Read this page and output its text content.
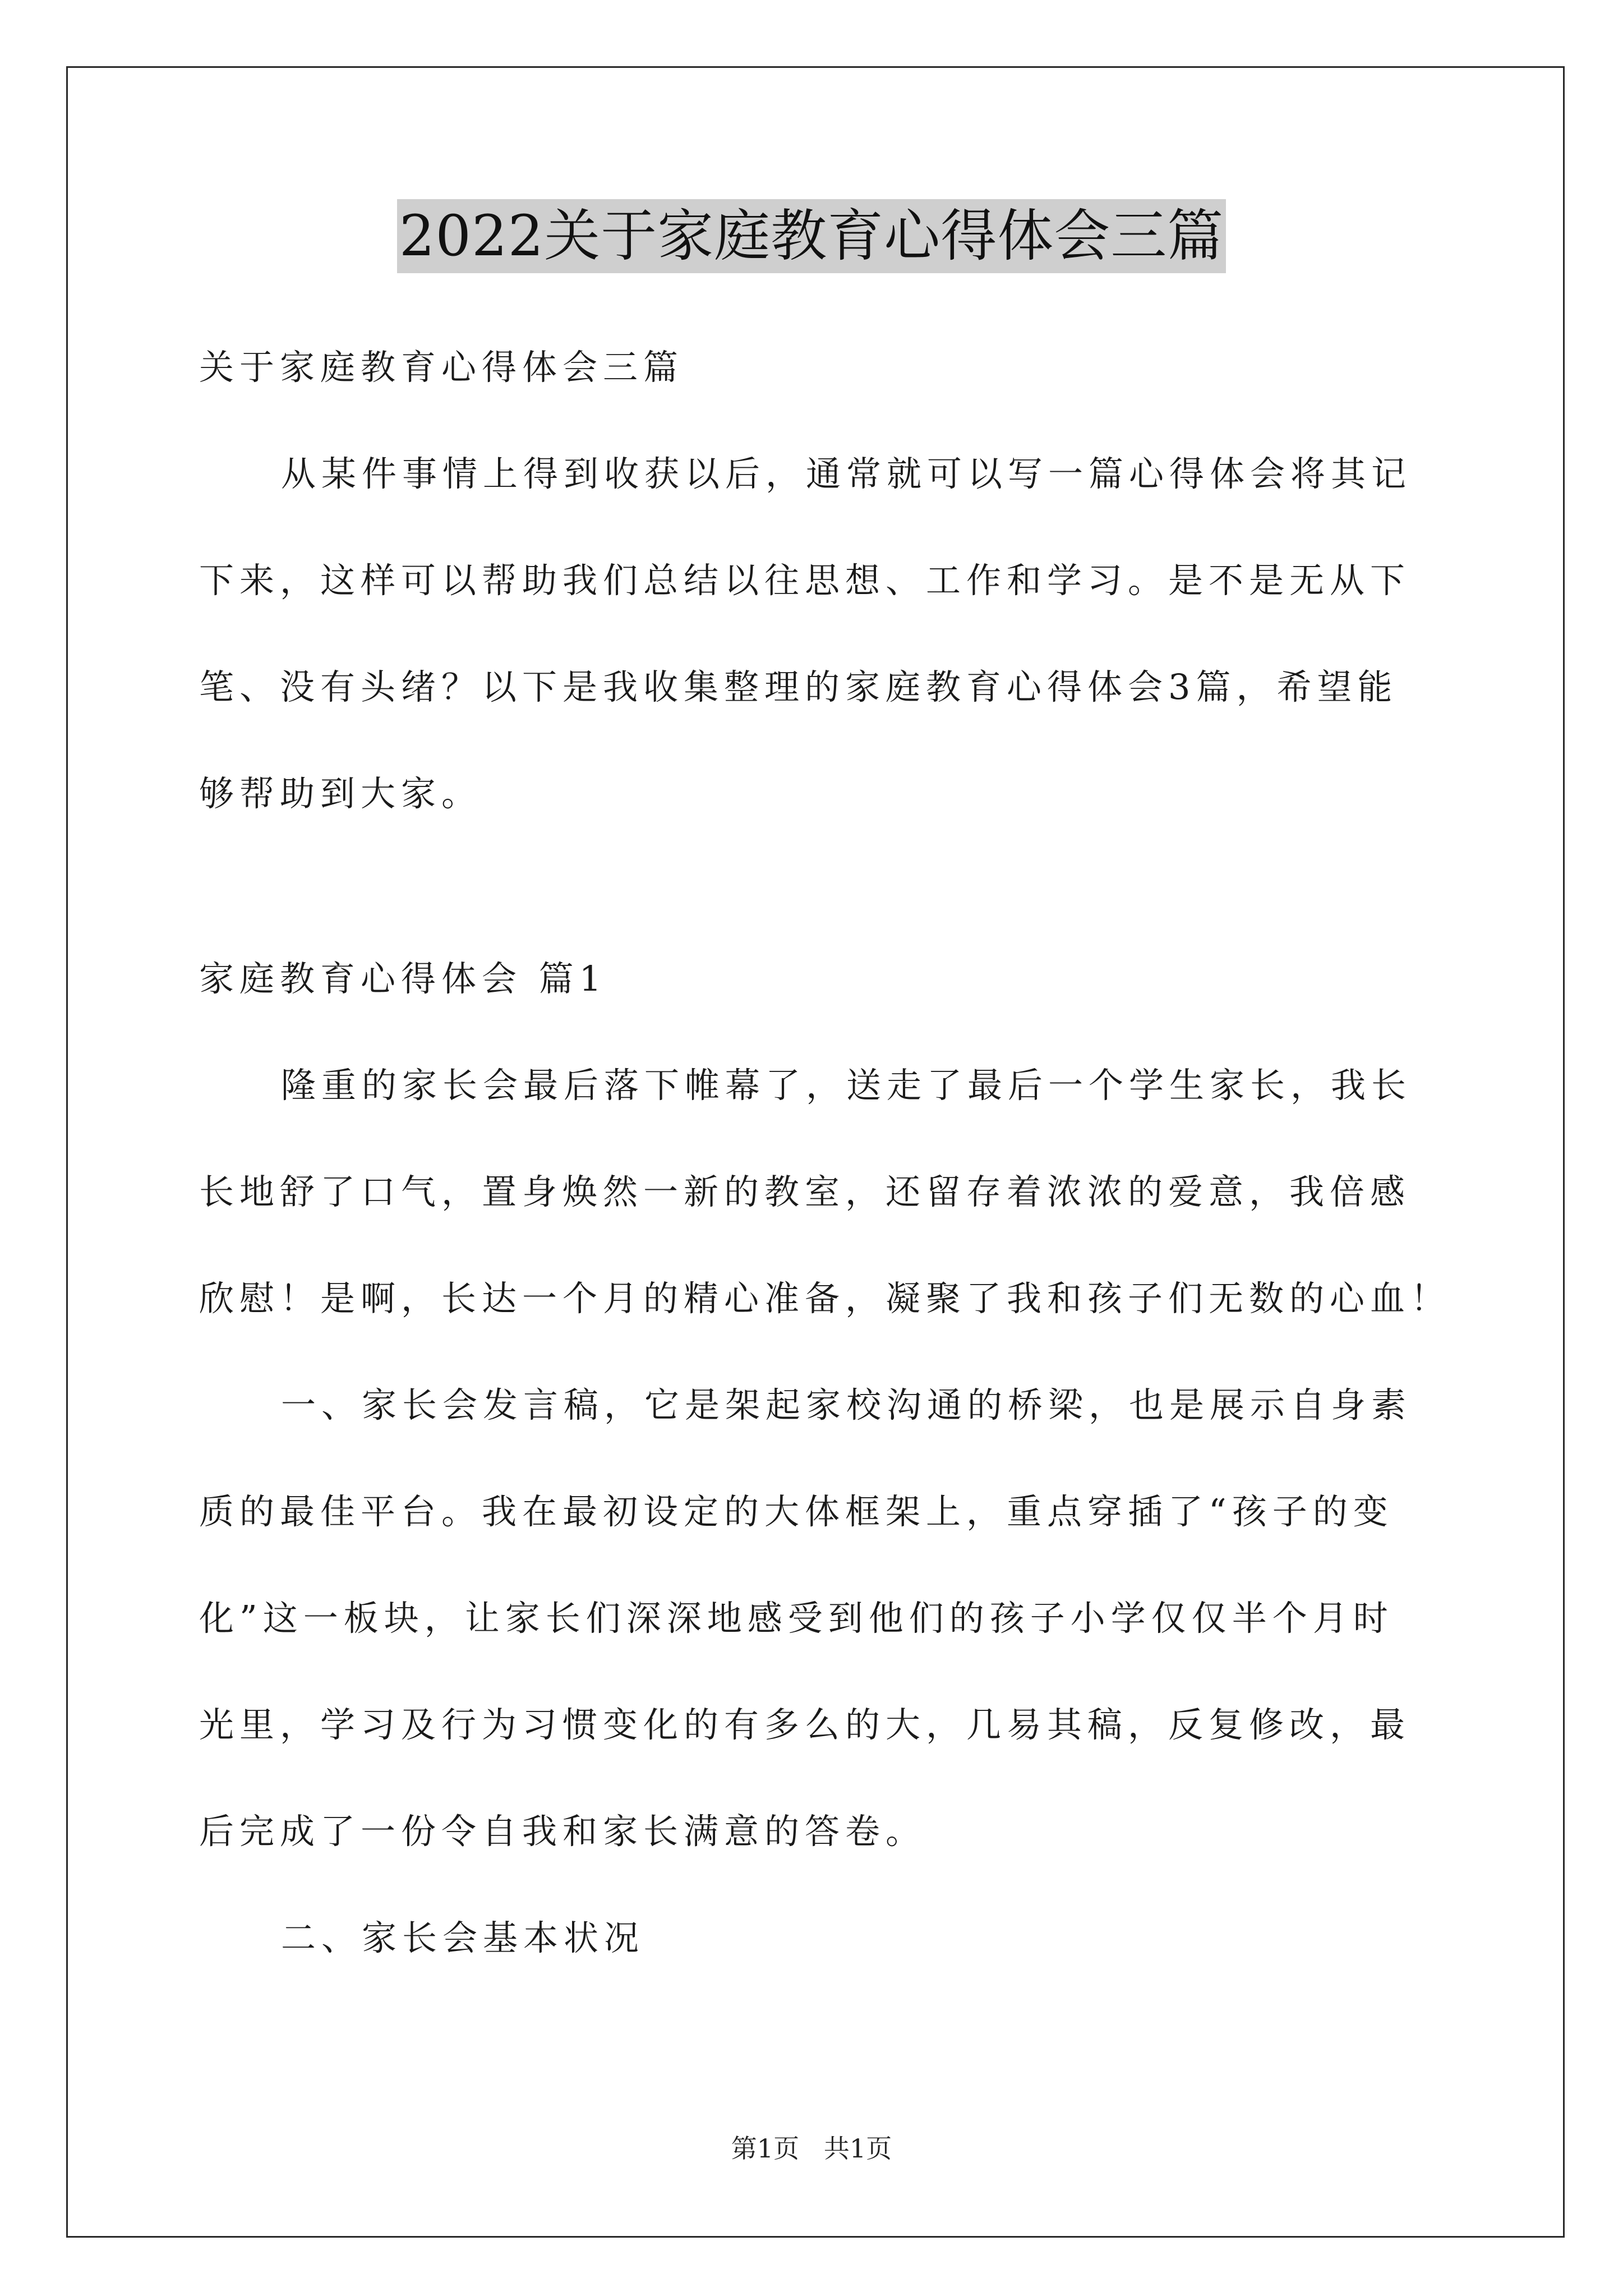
2022关于家庭教育心得体会三篇
关于家庭教育心得体会三篇
从某件事情上得到收获以后，通常就可以写一篇心得体会将其记
下来，这样可以帮助我们总结以往思想、工作和学习。是不是无从下
笔、没有头绪？以下是我收集整理的家庭教育心得体会3篇，希望能
够帮助到大家。
家庭教育心得体会 篇1
隆重的家长会最后落下帷幕了，送走了最后一个学生家长，我长
长地舒了口气，置身焕然一新的教室，还留存着浓浓的爱意，我倍感
欣慰！是啊，长达一个月的精心准备，凝聚了我和孩子们无数的心血！
一、家长会发言稿，它是架起家校沟通的桥梁，也是展示自身素
质的最佳平台。我在最初设定的大体框架上，重点穿插了“孩子的变
化”这一板块，让家长们深深地感受到他们的孩子小学仅仅半个月时
光里，学习及行为习惯变化的有多么的大，几易其稿，反复修改，最
后完成了一份令自我和家长满意的答卷。
二、家长会基本状况
第1页   共1页
